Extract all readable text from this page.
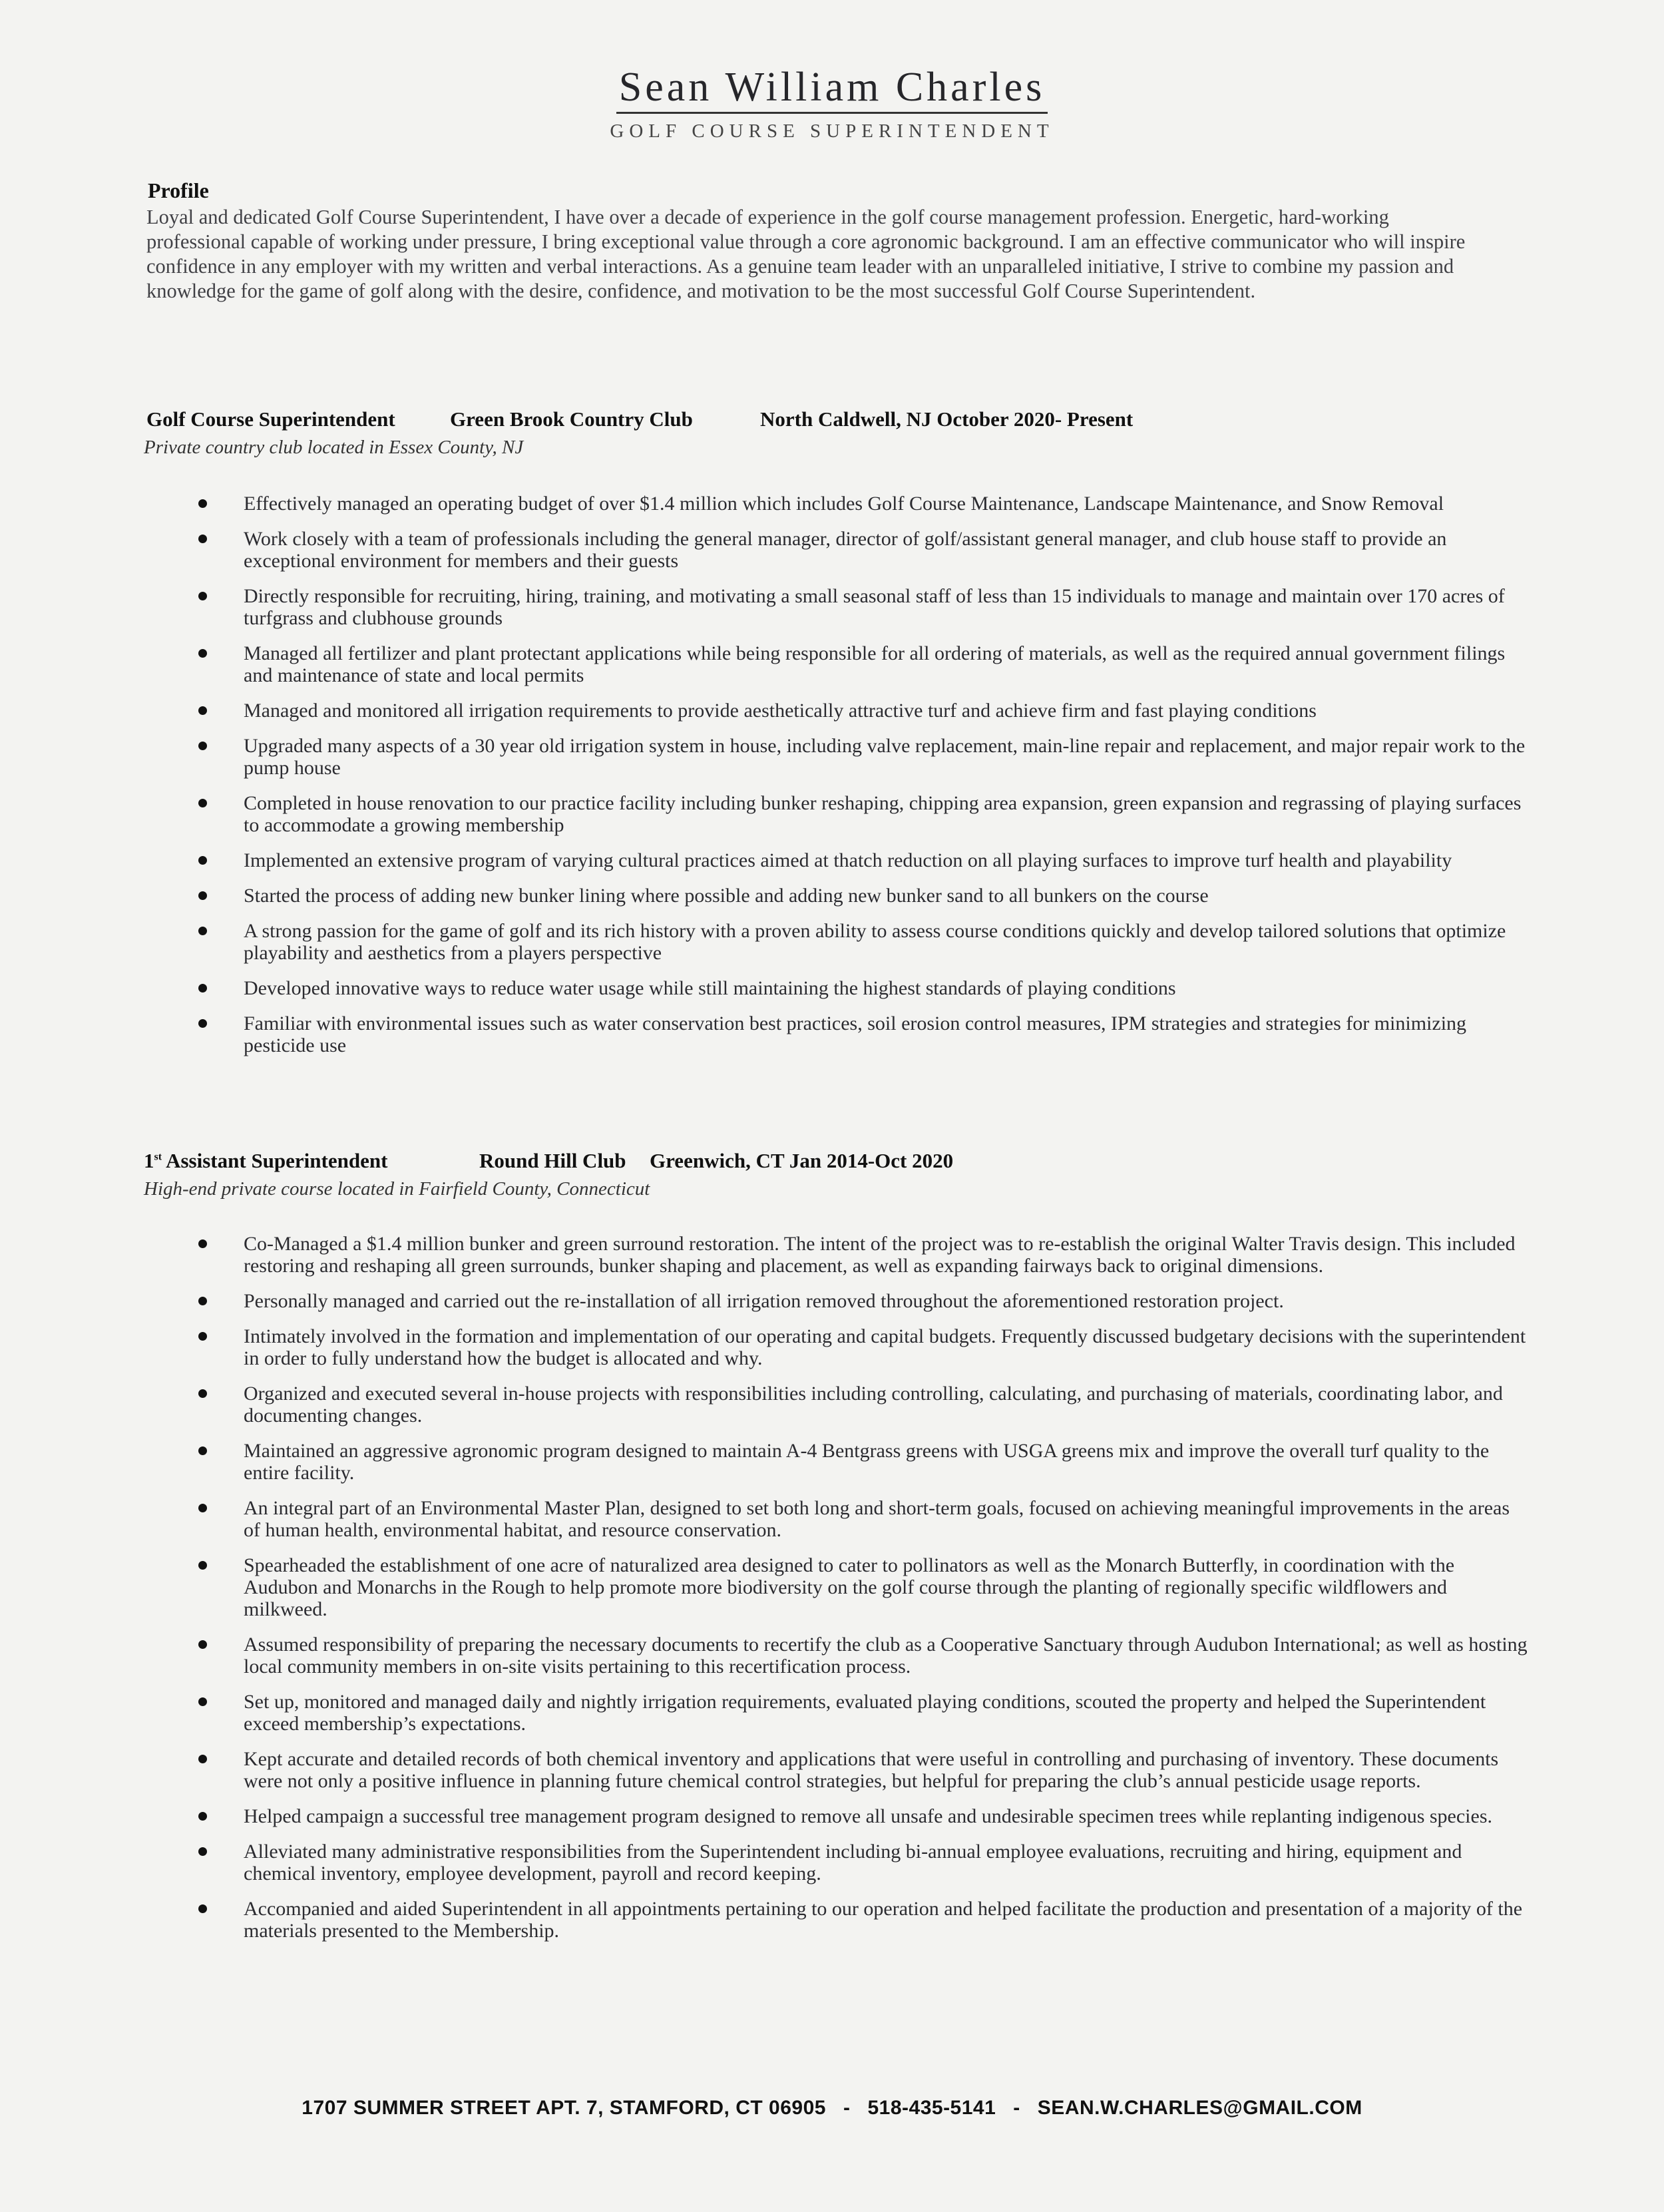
Sean William Charles
GOLF COURSE SUPERINTENDENT
Profile
Loyal and dedicated Golf Course Superintendent, I have over a decade of experience in the golf course management profession. Energetic, hard-working professional capable of working under pressure, I bring exceptional value through a core agronomic background. I am an effective communicator who will inspire confidence in any employer with my written and verbal interactions. As a genuine team leader with an unparalleled initiative, I strive to combine my passion and knowledge for the game of golf along with the desire, confidence, and motivation to be the most successful Golf Course Superintendent.
Golf Course Superintendent	Green Brook Country Club	North Caldwell, NJ October 2020- Present
Private country club located in Essex County, NJ
Effectively managed an operating budget of over $1.4 million which includes Golf Course Maintenance, Landscape Maintenance, and Snow Removal
Work closely with a team of professionals including the general manager, director of golf/assistant general manager, and club house staff to provide an exceptional environment for members and their guests
Directly responsible for recruiting, hiring, training, and motivating a small seasonal staff of less than 15 individuals to manage and maintain over 170 acres of turfgrass and clubhouse grounds
Managed all fertilizer and plant protectant applications while being responsible for all ordering of materials, as well as the required annual government filings and maintenance of state and local permits
Managed and monitored all irrigation requirements to provide aesthetically attractive turf and achieve firm and fast playing conditions
Upgraded many aspects of a 30 year old irrigation system in house, including valve replacement, main-line repair and replacement, and major repair work to the pump house
Completed in house renovation to our practice facility including bunker reshaping, chipping area expansion, green expansion and regrassing of playing surfaces to accommodate a growing membership
Implemented an extensive program of varying cultural practices aimed at thatch reduction on all playing surfaces to improve turf health and playability
Started the process of adding new bunker lining where possible and adding new bunker sand to all bunkers on the course
A strong passion for the game of golf and its rich history with a proven ability to assess course conditions quickly and develop tailored solutions that optimize playability and aesthetics from a players perspective
Developed innovative ways to reduce water usage while still maintaining the highest standards of playing conditions
Familiar with environmental issues such as water conservation best practices, soil erosion control measures, IPM strategies and strategies for minimizing pesticide use
1st Assistant Superintendent	Round Hill Club Greenwich, CT Jan 2014-Oct 2020
High-end private course located in Fairfield County, Connecticut
Co-Managed a $1.4 million bunker and green surround restoration. The intent of the project was to re-establish the original Walter Travis design. This included restoring and reshaping all green surrounds, bunker shaping and placement, as well as expanding fairways back to original dimensions.
Personally managed and carried out the re-installation of all irrigation removed throughout the aforementioned restoration project.
Intimately involved in the formation and implementation of our operating and capital budgets. Frequently discussed budgetary decisions with the superintendent in order to fully understand how the budget is allocated and why.
Organized and executed several in-house projects with responsibilities including controlling, calculating, and purchasing of materials, coordinating labor, and documenting changes.
Maintained an aggressive agronomic program designed to maintain A-4 Bentgrass greens with USGA greens mix and improve the overall turf quality to the entire facility.
An integral part of an Environmental Master Plan, designed to set both long and short-term goals, focused on achieving meaningful improvements in the areas of human health, environmental habitat, and resource conservation.
Spearheaded the establishment of one acre of naturalized area designed to cater to pollinators as well as the Monarch Butterfly, in coordination with the Audubon and Monarchs in the Rough to help promote more biodiversity on the golf course through the planting of regionally specific wildflowers and milkweed.
Assumed responsibility of preparing the necessary documents to recertify the club as a Cooperative Sanctuary through Audubon International; as well as hosting local community members in on-site visits pertaining to this recertification process.
Set up, monitored and managed daily and nightly irrigation requirements, evaluated playing conditions, scouted the property and helped the Superintendent exceed membership’s expectations.
Kept accurate and detailed records of both chemical inventory and applications that were useful in controlling and purchasing of inventory. These documents were not only a positive influence in planning future chemical control strategies, but helpful for preparing the club’s annual pesticide usage reports.
Helped campaign a successful tree management program designed to remove all unsafe and undesirable specimen trees while replanting indigenous species.
Alleviated many administrative responsibilities from the Superintendent including bi-annual employee evaluations, recruiting and hiring, equipment and chemical inventory, employee development, payroll and record keeping.
Accompanied and aided Superintendent in all appointments pertaining to our operation and helped facilitate the production and presentation of a majority of the materials presented to the Membership.
1707 SUMMER STREET APT. 7, STAMFORD, CT 06905 - 518-435-5141 - SEAN.W.CHARLES@GMAIL.COM
